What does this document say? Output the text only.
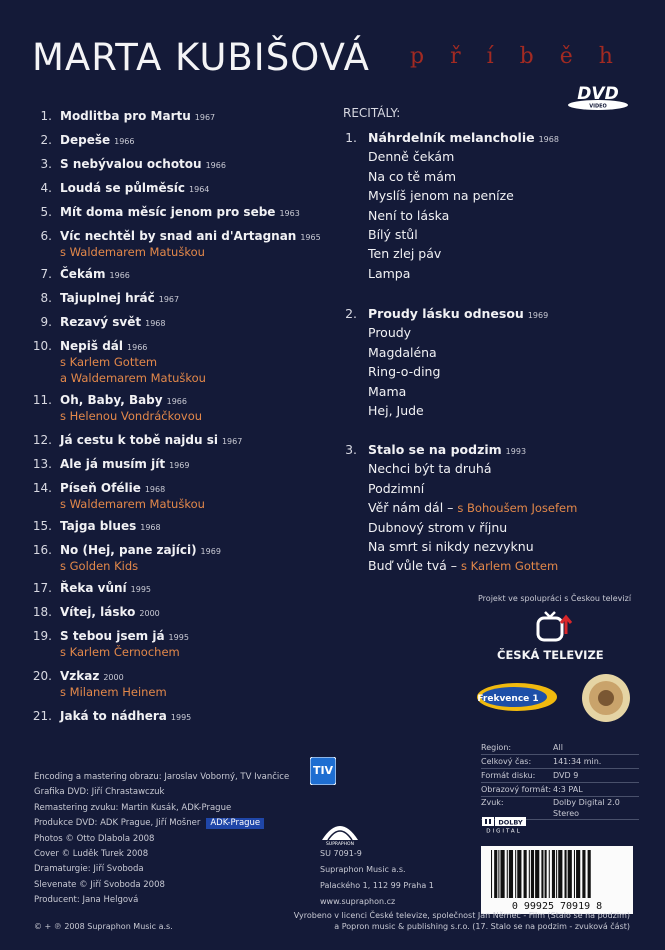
MARTA KUBIŠOVÁ příběh
DVD
VIDEO
1. Modlitba pro Martu 1967
2. Depeše 1966
3. S nebývalou ochotou 1966
4. Loudá se půlměsíc 1964
5. Mít doma měsíc jenom pro sebe 1963
6. Víc nechtěl by snad ani d'Artagnan 1965
s Waldemarem Matuškou
7. Čekám 1966
8. Tajuplnej hráč 1967
9. Rezavý svět 1968
10. Nepiš dál 1966
s Karlem Gottem
a Waldemarem Matuškou
11. Oh, Baby, Baby 1966
s Helenou Vondráčkovou
12. Já cestu k tobě najdu si 1967
13. Ale já musím jít 1969
14. Píseň Ofélie 1968
s Waldemarem Matuškou
15. Tajga blues 1968
16. No (Hej, pane zajíci) 1969
s Golden Kids
17. Řeka vůní 1995
18. Vítej, lásko 2000
19. S tebou jsem já 1995
s Karlem Černochem
20. Vzkaz 2000
s Milanem Heinem
21. Jaká to nádhera 1995
RECITÁLY:
1. Náhrdelník melancholie 1968
Denně čekám
Na co tě mám
Myslíš jenom na peníze
Není to láska
Bílý stůl
Ten zlej páv
Lampa
2. Proudy lásku odnesou 1969
Proudy
Magdaléna
Ring-o-ding
Mama
Hej, Jude
3. Stalo se na podzim 1993
Nechci být ta druhá
Podzimní
Věř nám dál – s Bohoušem Josefem
Dubnový strom v říjnu
Na smrt si nikdy nezvyknu
Buď vůle tvá – s Karlem Gottem
Encoding a mastering obrazu: Jaroslav Voborný, TV Ivančice
Grafika DVD: Jiří Chrastawczuk
Remastering zvuku: Martin Kusák, ADK-Prague
Produkce DVD: ADK Prague, Jiří Mošner ADK-Prague
Photos © Otto Dlabola 2008
Cover © Luděk Turek 2008
Dramaturgie: Jiří Svoboda
Slevenate © Jiří Svoboda 2008
Producent: Jana Helgová
TIV
SUPRAPHON
SU 7091-9
Supraphon Music a.s.
Palackého 1, 112 99 Praha 1
www.supraphon.cz
Projekt ve spolupráci s Českou televizí
ČESKÁ TELEVIZE
Frekvence 1
Region:	All
Celkový čas:	141:34 min.
Formát disku:	DVD 9
Obrazový formát: 4:3 PAL
Zvuk:	Dolby Digital 2.0 Stereo
DOLBY
DIGITAL
0 99925 70919 8
© + ℗ 2008 Supraphon Music a.s.
Vyrobeno v licenci České televize, společnost Jan Němec - Film (Stalo se na podzim)
a Popron music & publishing s.r.o. (17. Stalo se na podzim - zvuková část)
